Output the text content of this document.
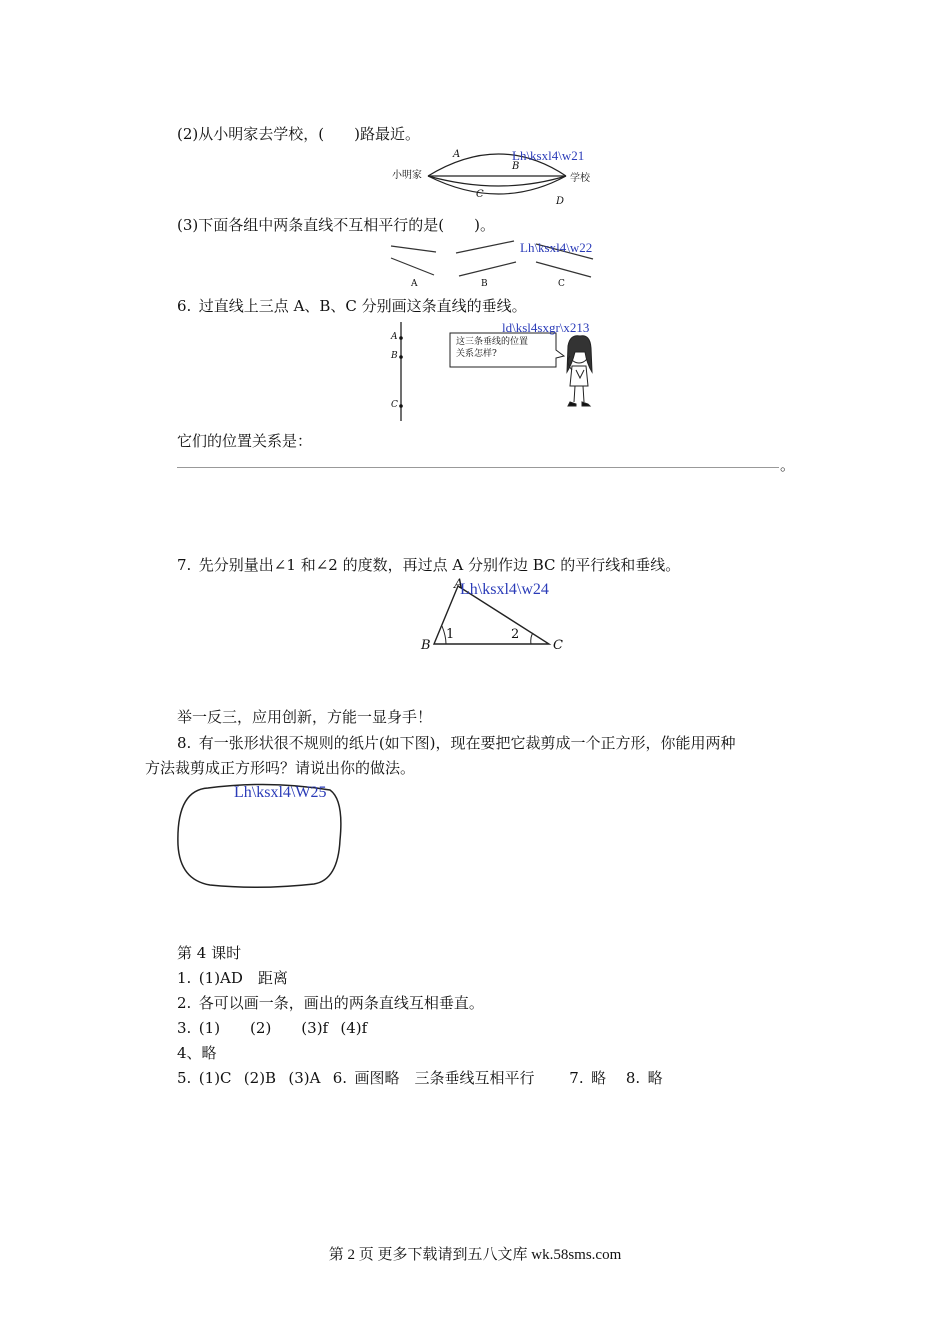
(2)从小明家去学校，(　　)路最近。
小明家	学校
A
B
C
D
Lh\ksxl4\w21
(3)下面各组中两条直线不互相平行的是(　　)。
A	B	C
Lh\ksxl4\w22
6. 过直线上三点 A、B、C 分别画这条直线的垂线。
A
B
C
这三条垂线的位置
关系怎样?
ld\ksl4sxgr\x213
它们的位置关系是：
。
7. 先分别量出∠1 和∠2 的度数，再过点 A 分别作边 BC 的平行线和垂线。
A
B	C
1	2
Lh\ksxl4\w24
举一反三，应用创新，方能一显身手！
8. 有一张形状很不规则的纸片(如下图)，现在要把它裁剪成一个正方形，你能用两种
方法裁剪成正方形吗？请说出你的做法。
Lh\ksxl4\W25
第 4 课时
1. (1)AD　距离
2. 各可以画一条，画出的两条直线互相垂直。
3. (1)　　(2)　　(3)f  (4)f
4、略
5. (1)C  (2)B  (3)A  6. 画图略　三条垂线互相平行　　 7. 略　 8. 略
第 2 页 更多下载请到五八文库 wk.58sms.com
